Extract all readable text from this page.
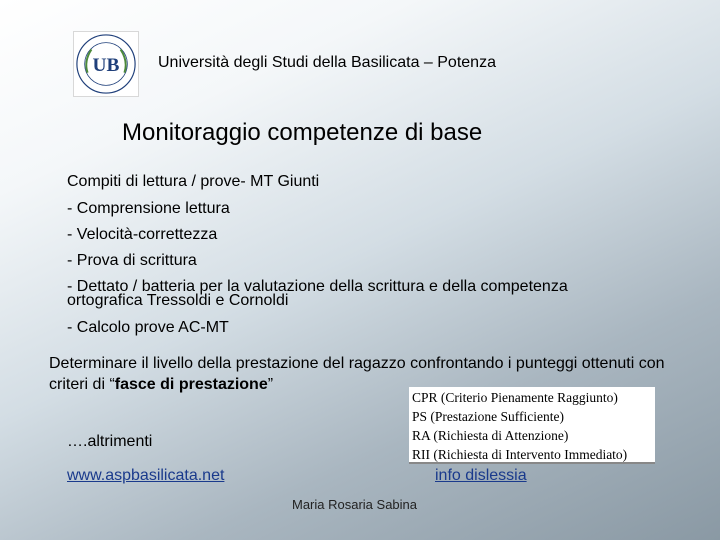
UB Università degli Studi della Basilicata – Potenza
Monitoraggio competenze di base
Compiti di lettura / prove- MT Giunti
- Comprensione lettura
- Velocità-correttezza
- Prova di scrittura
- Dettato / batteria per la valutazione della scrittura e della competenza ortografica Tressoldi e Cornoldi
- Calcolo prove AC-MT
Determinare il livello della prestazione del ragazzo confrontando i punteggi ottenuti con criteri di “fasce di prestazione”
CPR (Criterio Pienamente Raggiunto)
PS (Prestazione Sufficiente)
RA (Richiesta di Attenzione)
RII (Richiesta di Intervento Immediato)
….altrimenti
www.aspbasilicata.net	info dislessia
Maria Rosaria Sabina
